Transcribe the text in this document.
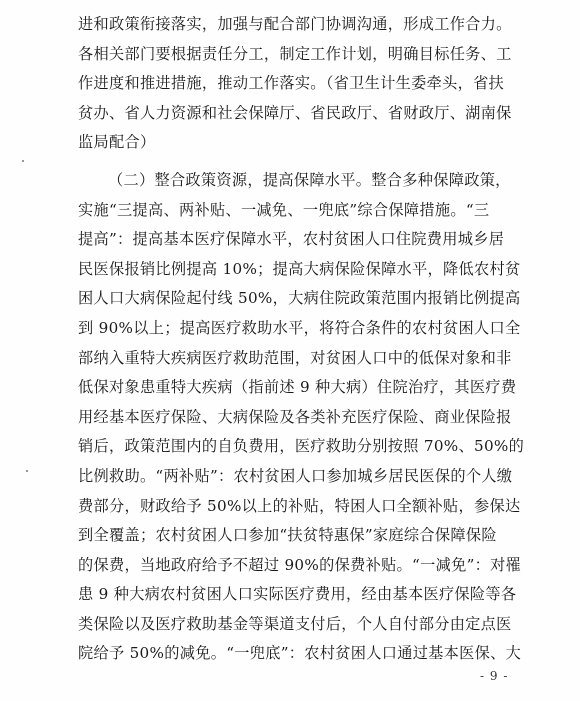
进和政策衔接落实，加强与配合部门协调沟通，形成工作合力。
各相关部门要根据责任分工，制定工作计划，明确目标任务、工
作进度和推进措施，推动工作落实。（省卫生计生委牵头，省扶
贫办、省人力资源和社会保障厅、省民政厅、省财政厅、湖南保
监局配合）
（二）整合政策资源，提高保障水平。整合多种保障政策，
实施“三提高、两补贴、一减免、一兜底”综合保障措施。“三
提高”：提高基本医疗保障水平，农村贫困人口住院费用城乡居
民医保报销比例提高 10%；提高大病保险保障水平，降低农村贫
困人口大病保险起付线 50%，大病住院政策范围内报销比例提高
到 90%以上；提高医疗救助水平，将符合条件的农村贫困人口全
部纳入重特大疾病医疗救助范围，对贫困人口中的低保对象和非
低保对象患重特大疾病（指前述 9 种大病）住院治疗，其医疗费
用经基本医疗保险、大病保险及各类补充医疗保险、商业保险报
销后，政策范围内的自负费用，医疗救助分别按照 70%、50%的
比例救助。“两补贴”：农村贫困人口参加城乡居民医保的个人缴
费部分，财政给予 50%以上的补贴，特困人口全额补贴，参保达
到全覆盖；农村贫困人口参加“扶贫特惠保”家庭综合保障保险
的保费，当地政府给予不超过 90%的保费补贴。“一减免”：对罹
患 9 种大病农村贫困人口实际医疗费用，经由基本医疗保险等各
类保险以及医疗救助基金等渠道支付后，个人自付部分由定点医
院给予 50%的减免。“一兜底”：农村贫困人口通过基本医保、大
- 9 -
